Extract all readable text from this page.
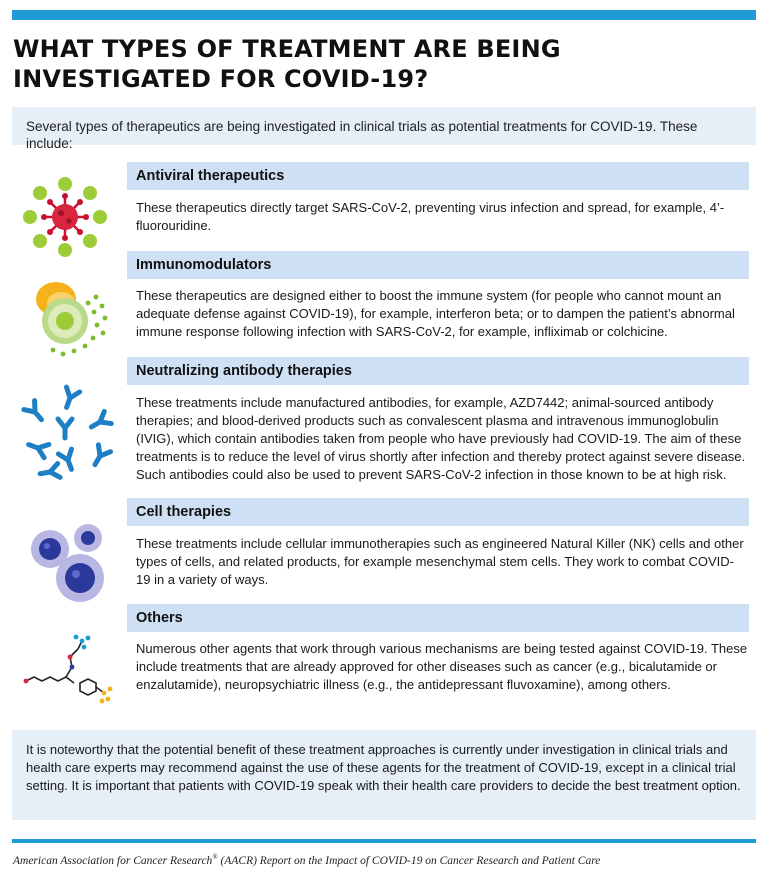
WHAT TYPES OF TREATMENT ARE BEING INVESTIGATED FOR COVID-19?
Several types of therapeutics are being investigated in clinical trials as potential treatments for COVID-19. These include:
Antiviral therapeutics

These therapeutics directly target SARS-CoV-2, preventing virus infection and spread, for example, 4’-fluorouridine.

Immunomodulators

These therapeutics are designed either to boost the immune system (for people who cannot mount an adequate defense against COVID-19), for example, interferon beta; or to dampen the patient’s abnormal immune response following infection with SARS-CoV-2, for example, infliximab or colchicine.

Neutralizing antibody therapies

These treatments include manufactured antibodies, for example, AZD7442; animal-sourced antibody therapies; and blood-derived products such as convalescent plasma and intravenous immunoglobulin (IVIG), which contain antibodies taken from people who have previously had COVID-19. The aim of these treatments is to reduce the level of virus shortly after infection and thereby protect against severe disease. Such antibodies could also be used to prevent SARS-CoV-2 infection in those known to be at high risk.

Cell therapies

These treatments include cellular immunotherapies such as engineered Natural Killer (NK) cells and other types of cells, and related products, for example mesenchymal stem cells. They work to combat COVID-19 in a variety of ways.

Others

Numerous other agents that work through various mechanisms are being tested against COVID-19. These include treatments that are already approved for other diseases such as cancer (e.g., bicalutamide or enzalutamide), neuropsychiatric illness (e.g., the antidepressant fluvoxamine), among others.

It is noteworthy that the potential benefit of these treatment approaches is currently under investigation in clinical trials and health care experts may recommend against the use of these agents for the treatment of COVID-19, except in a clinical trial setting. It is important that patients with COVID-19 speak with their health care providers to decide the best treatment option.
American Association for Cancer Research® (AACR) Report on the Impact of COVID-19 on Cancer Research and Patient Care
